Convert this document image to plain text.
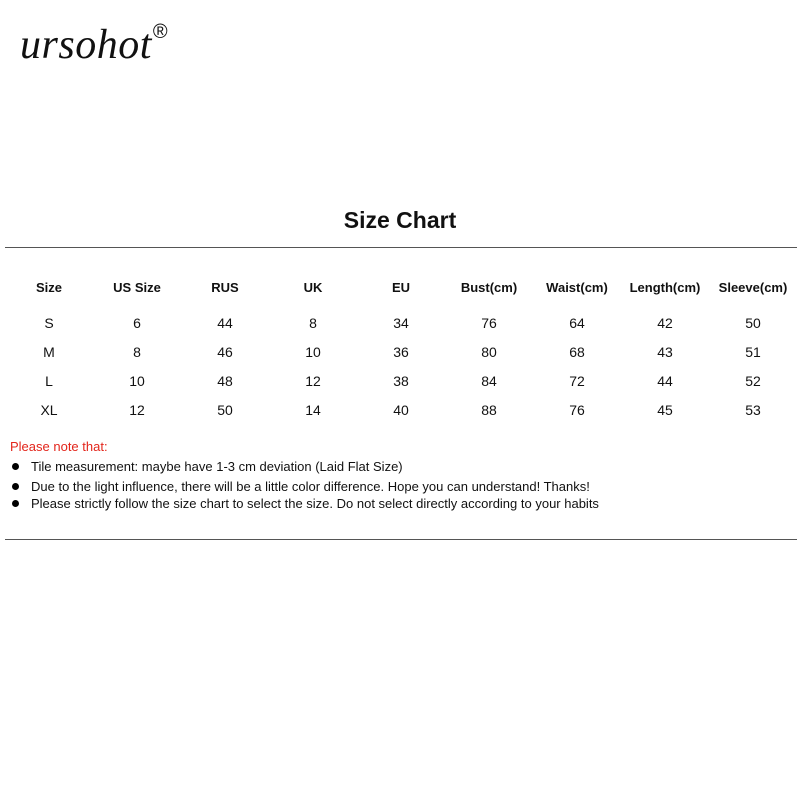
ursohot®
Size Chart
Size	US Size	RUS	UK	EU	Bust(cm)	Waist(cm)	Length(cm)	Sleeve(cm)
S	6	44	8	34	76	64	42	50
M	8	46	10	36	80	68	43	51
L	10	48	12	38	84	72	44	52
XL	12	50	14	40	88	76	45	53
Please note that:
Tile measurement: maybe have 1-3 cm deviation (Laid Flat Size)
Due to the light influence, there will be a little color difference. Hope you can understand! Thanks!
Please strictly follow the size chart to select the size. Do not select directly according to your habits
